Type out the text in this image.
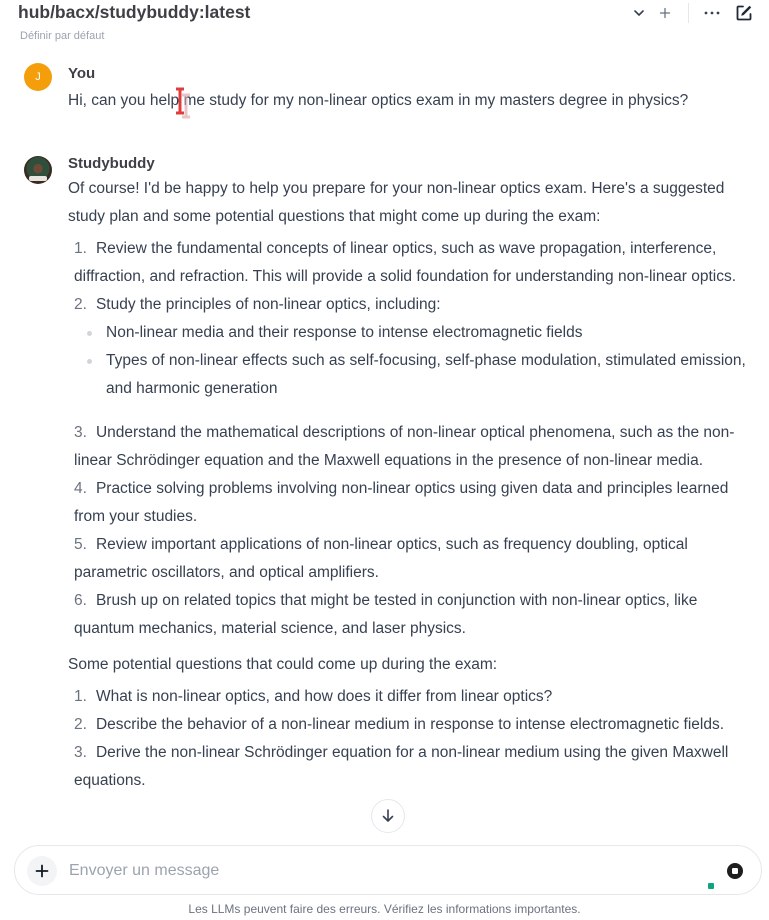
hub/bacx/studybuddy:latest
Définir par défaut
J	You
Hi, can you help me study for my non-linear optics exam in my masters degree in physics?
Studybuddy
Of course! I'd be happy to help you prepare for your non-linear optics exam. Here's a suggested study plan and some potential questions that might come up during the exam:
1. Review the fundamental concepts of linear optics, such as wave propagation, interference, diffraction, and refraction. This will provide a solid foundation for understanding non-linear optics.
2. Study the principles of non-linear optics, including:
Non-linear media and their response to intense electromagnetic fields
Types of non-linear effects such as self-focusing, self-phase modulation, stimulated emission, and harmonic generation
3. Understand the mathematical descriptions of non-linear optical phenomena, such as the non-linear Schrödinger equation and the Maxwell equations in the presence of non-linear media.
4. Practice solving problems involving non-linear optics using given data and principles learned from your studies.
5. Review important applications of non-linear optics, such as frequency doubling, optical parametric oscillators, and optical amplifiers.
6. Brush up on related topics that might be tested in conjunction with non-linear optics, like quantum mechanics, material science, and laser physics.
Some potential questions that could come up during the exam:
1. What is non-linear optics, and how does it differ from linear optics?
2. Describe the behavior of a non-linear medium in response to intense electromagnetic fields.
3. Derive the non-linear Schrödinger equation for a non-linear medium using the given Maxwell equations.
Envoyer un message
Les LLMs peuvent faire des erreurs. Vérifiez les informations importantes.
